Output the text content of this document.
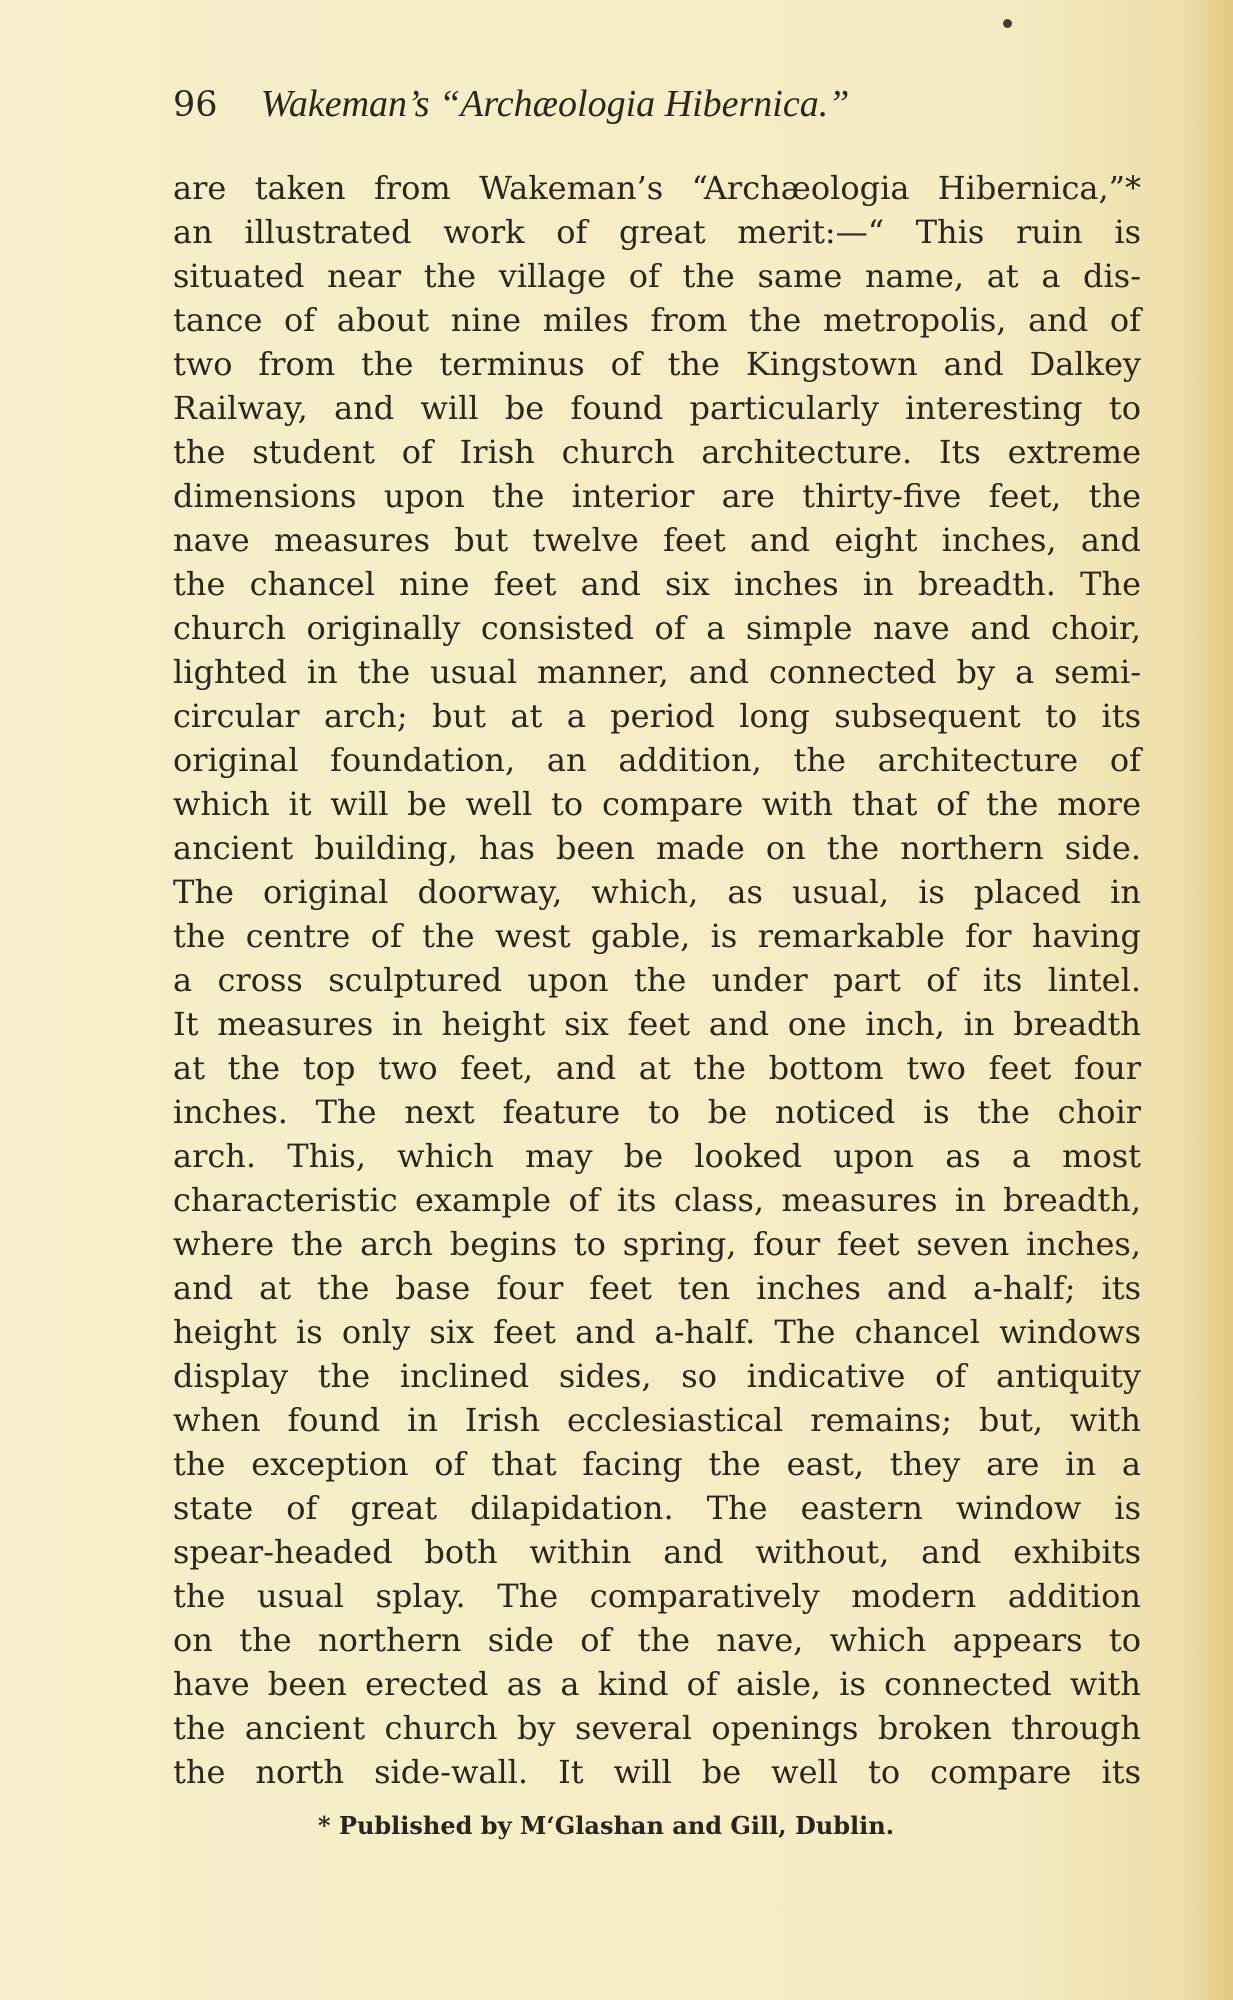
96 Wakeman’s “Archæologia Hibernica.”
are taken from Wakeman’s “Archæologia Hibernica,”*
an illustrated work of great merit:—“ This ruin is
situated near the village of the same name, at a dis-
tance of about nine miles from the metropolis, and of
two from the terminus of the Kingstown and Dalkey
Railway, and will be found particularly interesting to
the student of Irish church architecture. Its extreme
dimensions upon the interior are thirty-five feet, the
nave measures but twelve feet and eight inches, and
the chancel nine feet and six inches in breadth. The
church originally consisted of a simple nave and choir,
lighted in the usual manner, and connected by a semi-
circular arch; but at a period long subsequent to its
original foundation, an addition, the architecture of
which it will be well to compare with that of the more
ancient building, has been made on the northern side.
The original doorway, which, as usual, is placed in
the centre of the west gable, is remarkable for having
a cross sculptured upon the under part of its lintel.
It measures in height six feet and one inch, in breadth
at the top two feet, and at the bottom two feet four
inches. The next feature to be noticed is the choir
arch. This, which may be looked upon as a most
characteristic example of its class, measures in breadth,
where the arch begins to spring, four feet seven inches,
and at the base four feet ten inches and a-half; its
height is only six feet and a-half. The chancel windows
display the inclined sides, so indicative of antiquity
when found in Irish ecclesiastical remains; but, with
the exception of that facing the east, they are in a
state of great dilapidation. The eastern window is
spear-headed both within and without, and exhibits
the usual splay. The comparatively modern addition
on the northern side of the nave, which appears to
have been erected as a kind of aisle, is connected with
the ancient church by several openings broken through
the north side-wall. It will be well to compare its
* Published by M‘Glashan and Gill, Dublin.
